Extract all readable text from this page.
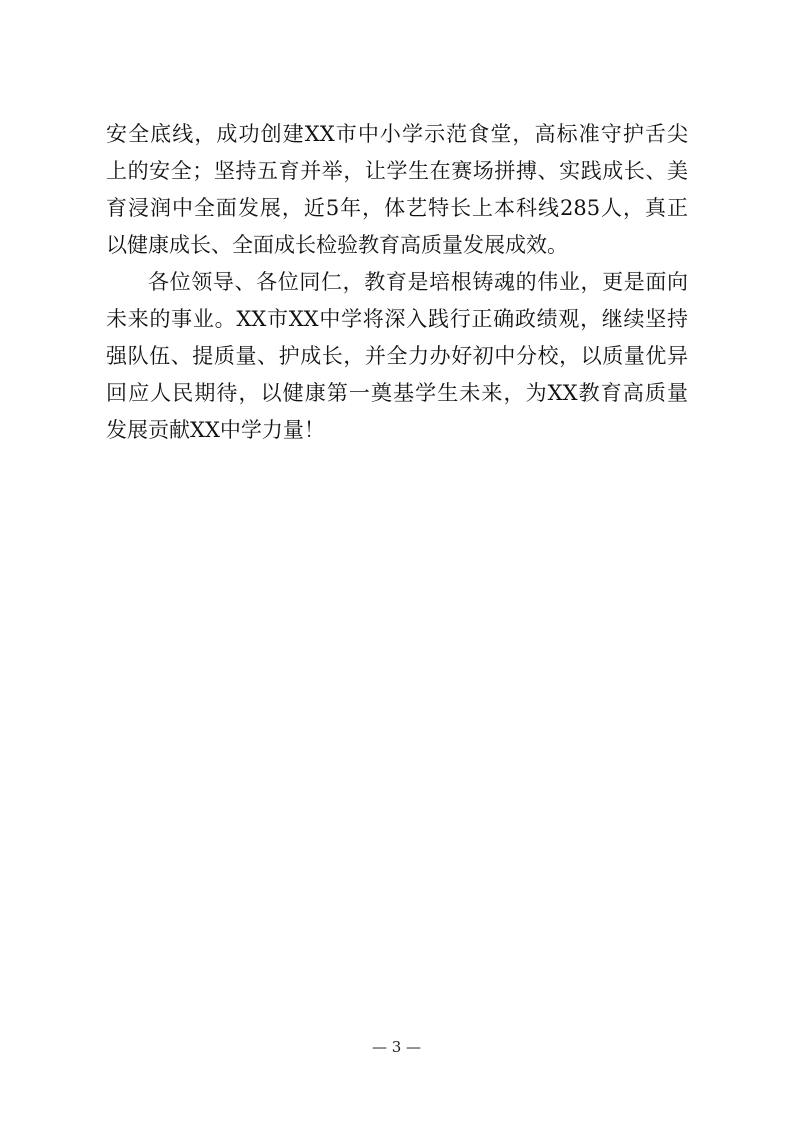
安全底线，成功创建XX市中小学示范食堂，高标准守护舌尖
上的安全；坚持五育并举，让学生在赛场拼搏、实践成长、美
育浸润中全面发展，近5年，体艺特长上本科线285人，真正
以健康成长、全面成长检验教育高质量发展成效。
各位领导、各位同仁，教育是培根铸魂的伟业，更是面向
未来的事业。XX市XX中学将深入践行正确政绩观，继续坚持
强队伍、提质量、护成长，并全力办好初中分校，以质量优异
回应人民期待，以健康第一奠基学生未来，为XX教育高质量
发展贡献XX中学力量！
— 3 —
